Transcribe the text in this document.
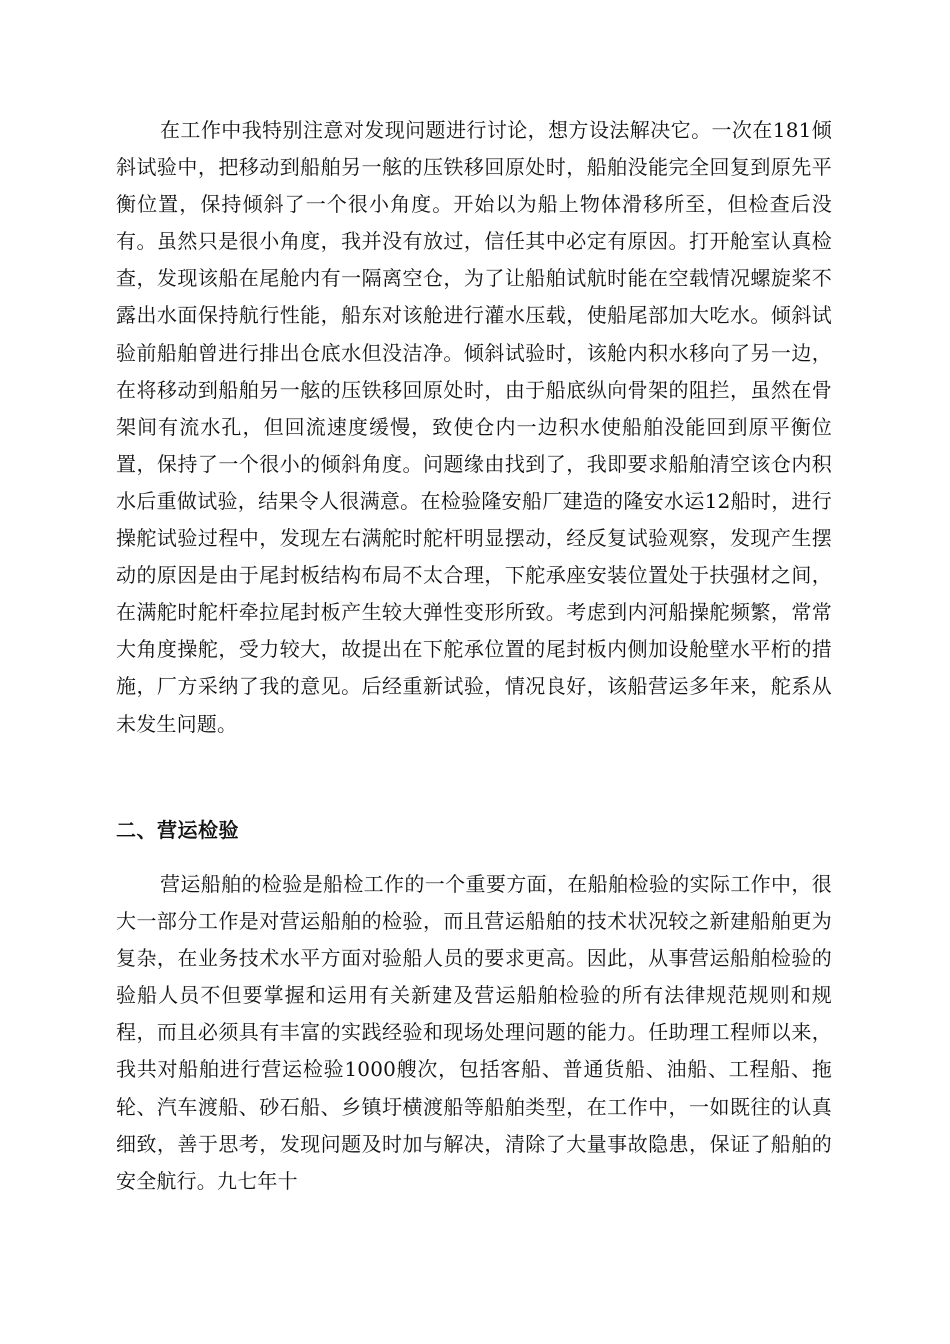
在工作中我特别注意对发现问题进行讨论，想方设法解决它。一次在181倾斜试验中，把移动到船舶另一舷的压铁移回原处时，船舶没能完全回复到原先平衡位置，保持倾斜了一个很小角度。开始以为船上物体滑移所至，但检查后没有。虽然只是很小角度，我并没有放过，信任其中必定有原因。打开舱室认真检查，发现该船在尾舱内有一隔离空仓，为了让船舶试航时能在空载情况螺旋桨不露出水面保持航行性能，船东对该舱进行灌水压载，使船尾部加大吃水。倾斜试验前船舶曾进行排出仓底水但没洁净。倾斜试验时，该舱内积水移向了另一边，在将移动到船舶另一舷的压铁移回原处时，由于船底纵向骨架的阻拦，虽然在骨架间有流水孔，但回流速度缓慢，致使仓内一边积水使船舶没能回到原平衡位置，保持了一个很小的倾斜角度。问题缘由找到了，我即要求船舶清空该仓内积水后重做试验，结果令人很满意。在检验隆安船厂建造的隆安水运12船时，进行操舵试验过程中，发现左右满舵时舵杆明显摆动，经反复试验观察，发现产生摆动的原因是由于尾封板结构布局不太合理，下舵承座安装位置处于扶强材之间，在满舵时舵杆牵拉尾封板产生较大弹性变形所致。考虑到内河船操舵频繁，常常大角度操舵，受力较大，故提出在下舵承位置的尾封板内侧加设舱壁水平桁的措施，厂方采纳了我的意见。后经重新试验，情况良好，该船营运多年来，舵系从未发生问题。

二、营运检验

营运船舶的检验是船检工作的一个重要方面，在船舶检验的实际工作中，很大一部分工作是对营运船舶的检验，而且营运船舶的技术状况较之新建船舶更为复杂，在业务技术水平方面对验船人员的要求更高。因此，从事营运船舶检验的验船人员不但要掌握和运用有关新建及营运船舶检验的所有法律规范规则和规程，而且必须具有丰富的实践经验和现场处理问题的能力。任助理工程师以来，我共对船舶进行营运检验1000艘次，包括客船、普通货船、油船、工程船、拖轮、汽车渡船、砂石船、乡镇圩横渡船等船舶类型，在工作中，一如既往的认真细致，善于思考，发现问题及时加与解决，清除了大量事故隐患，保证了船舶的安全航行。九七年十
